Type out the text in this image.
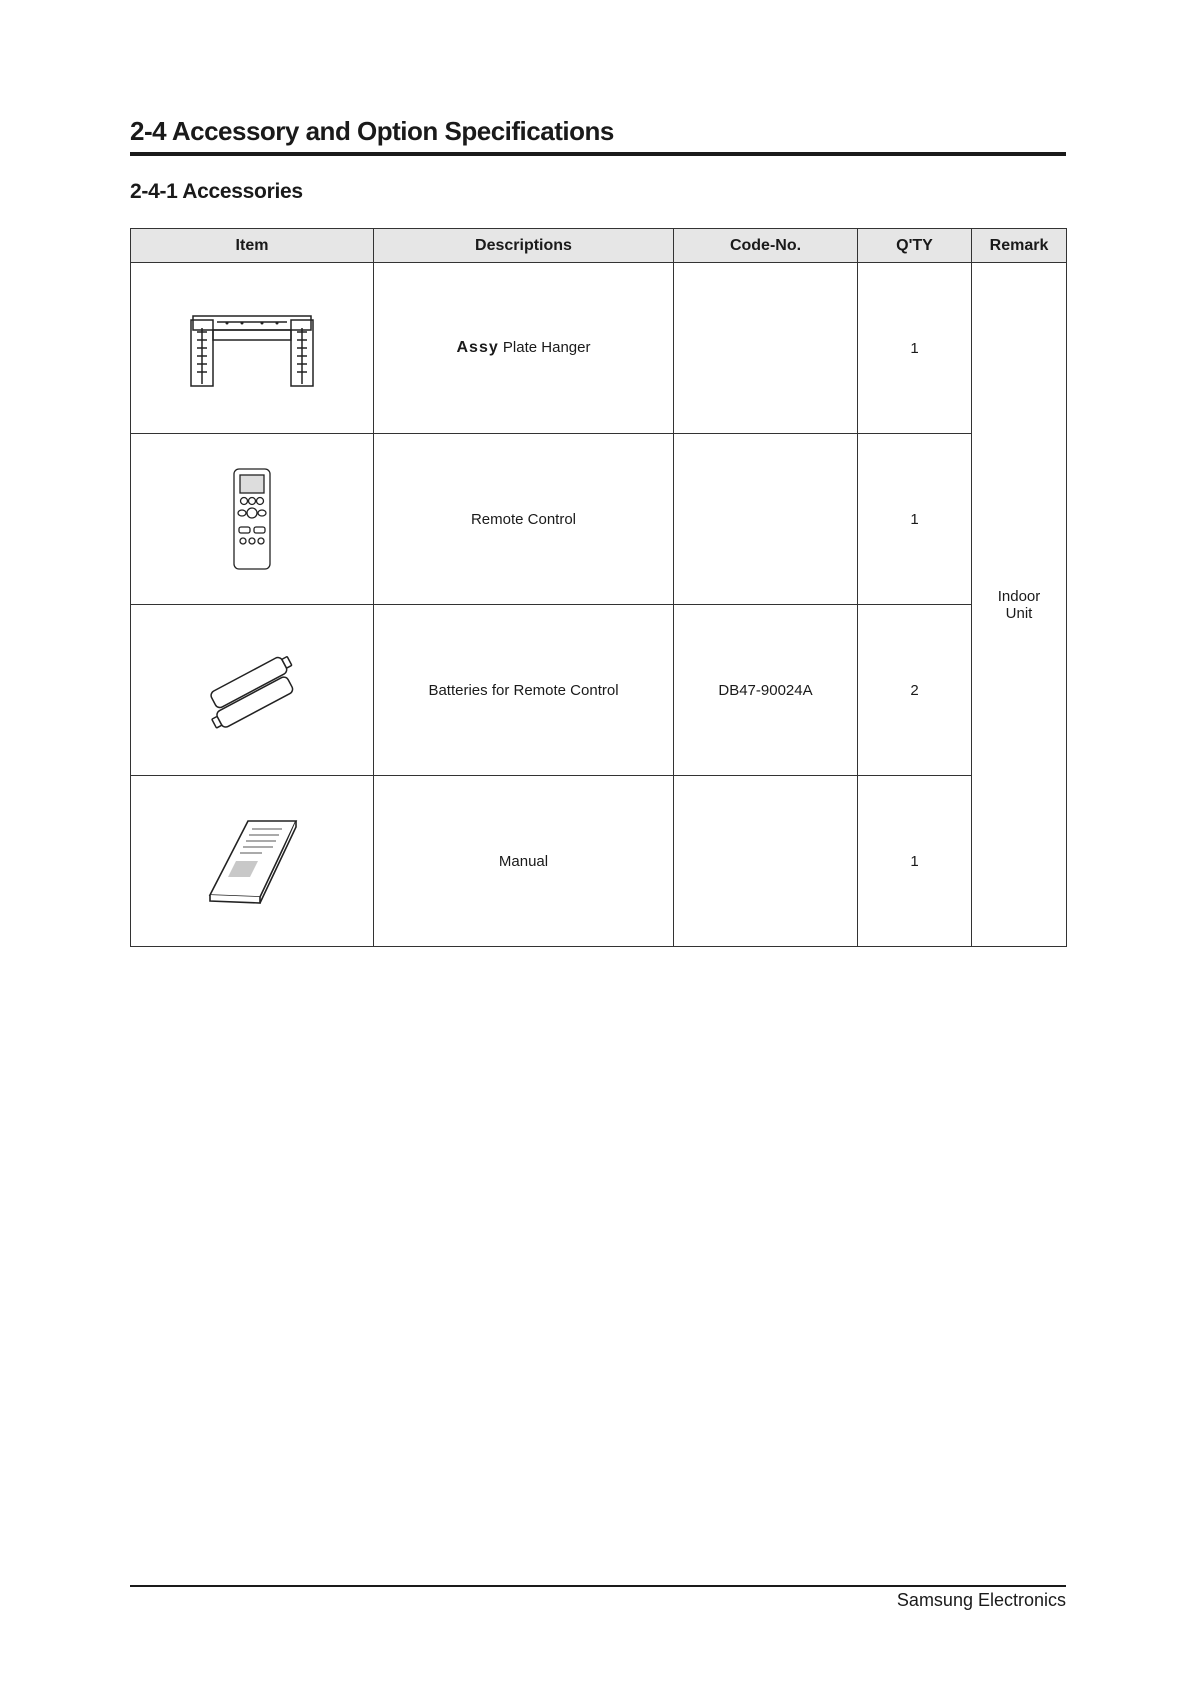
2-4 Accessory and Option Specifications
2-4-1 Accessories
Item	Descriptions	Code-No.	Q'TY	Remark

	Assy Plate Hanger		1	Indoor
Unit

	Remote Control		1	

	Batteries for Remote Control	DB47-90024A	2	

	Manual		1	
Samsung Electronics
